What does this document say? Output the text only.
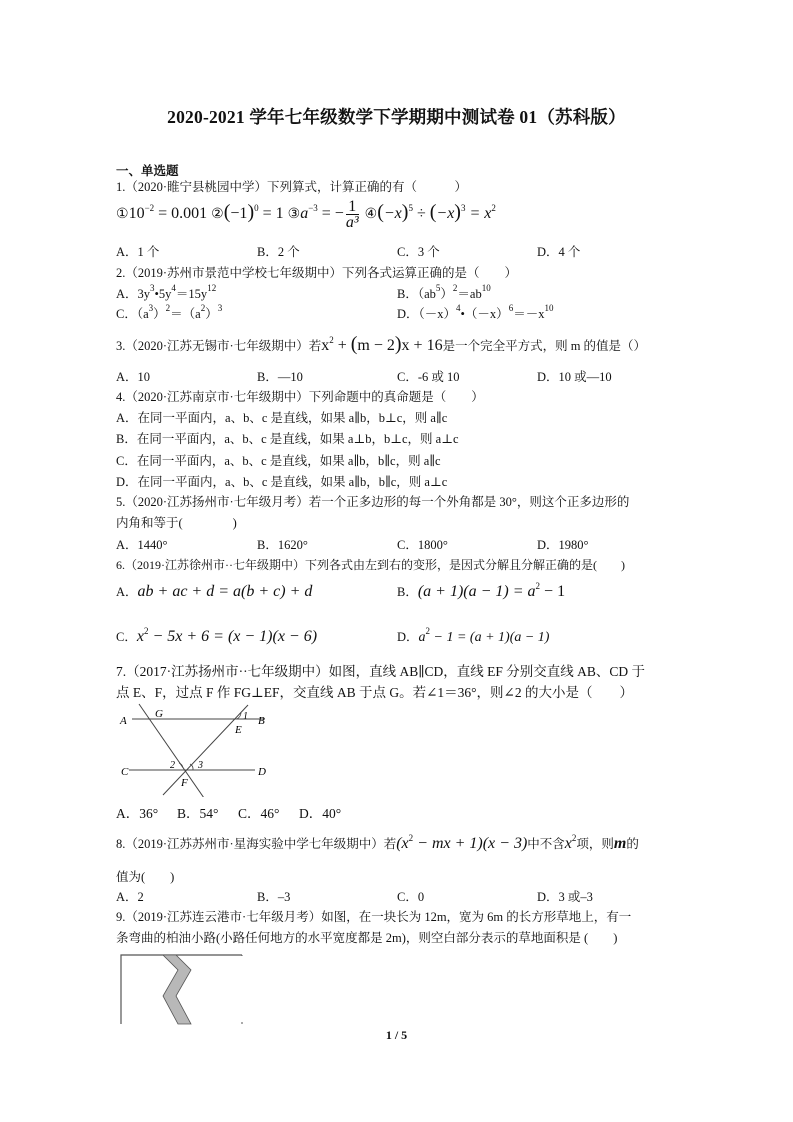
2020-2021 学年七年级数学下学期期中测试卷 01（苏科版）
一、单选题
1.（2020·睢宁县桃园中学）下列算式，计算正确的有（　　　）
$①10^{-2} = 0.001$ $②(-1)^0 = 1$ $③a^{-3}$ = − $\frac{1}{\text{a³}}$ $④(-x)^5 \div (-x)^3 = x^2$
A．1 个	B．2 个	C．3 个	D．4 个
2.（2019·苏州市景范中学校七年级期中）下列各式运算正确的是（　　）
A．$3y^3•5y^4=15y^{12}$	B．$(ab^5)^2=ab^{10}$
C．$(a^3)^2=(a^2)^3$	D．$(-x)^4•(-x)^6=-x^{10}$
3.（2020·江苏无锡市·七年级期中）若$x^2 + (m - 2)x + 16$是一个完全平方式，则 m 的值是（）
A．10	B．—10	C．-6 或 10	D．10 或—10
4.（2020·江苏南京市·七年级期中）下列命题中的真命题是（　　）
A．在同一平面内，a、b、c 是直线，如果 a∥b，b⊥c，则 a∥c
B．在同一平面内，a、b、c 是直线，如果 a⊥b，b⊥c，则 a⊥c
C．在同一平面内，a、b、c 是直线，如果 a∥b，b∥c，则 a∥c
D．在同一平面内，a、b、c 是直线，如果 a∥b，b∥c，则 a⊥c
5.（2020·江苏扬州市·七年级月考）若一个正多边形的每一个外角都是 30°，则这个正多边形的
内角和等于(　　　　)
A．1440°	B．1620°	C．1800°	D．1980°
6.（2019·江苏徐州市··七年级期中）下列各式由左到右的变形，是因式分解且分解正确的是(　　)
A．ab + ac + d = a(b + c) + d	B．$(a + 1)(a - 1) = a^2 - 1$
C．$x^2 - 5x + 6 = (x - 1)(x - 6)$	D．$a^2 - 1 = (a + 1)(a - 1)$
7.（2017·江苏扬州市··七年级期中）如图，直线 AB∥CD，直线 EF 分别交直线 AB、CD 于
点 E、F，过点 F 作 FG⊥EF，交直线 AB 于点 G。若∠1＝36°，则∠2 的大小是（　　）
A
G	1 B
E
C
2 3
D
F
A．36° B．54° C．46° D．40°
8.（2019·江苏苏州市·星海实验中学七年级期中）若($x^2$ − mx + 1)(x − 3)中不含$x^2$项，则m的
值为(　　)
A．2	B．–3	C．0	D．3 或–3
9.（2019·江苏连云港市·七年级月考）如图，在一块长为 12m，宽为 6m 的长方形草地上，有一
条弯曲的柏油小路(小路任何地方的水平宽度都是 2m)，则空白部分表示的草地面积是 (　　)
1 / 5
